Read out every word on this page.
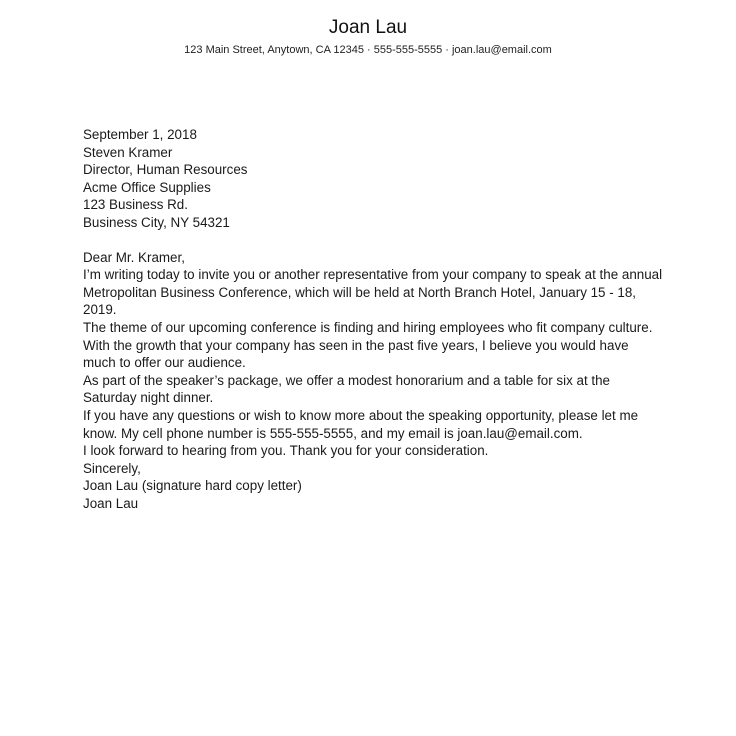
Joan Lau
123 Main Street, Anytown, CA 12345 · 555-555-5555 · joan.lau@email.com

September 1, 2018

Steven Kramer
Director, Human Resources
Acme Office Supplies
123 Business Rd.
Business City, NY 54321

Dear Mr. Kramer,

I’m writing today to invite you or another representative from your company to speak at the annual Metropolitan Business Conference, which will be held at North Branch Hotel, January 15 - 18, 2019.

The theme of our upcoming conference is finding and hiring employees who fit company culture. With the growth that your company has seen in the past five years, I believe you would have much to offer our audience.

As part of the speaker’s package, we offer a modest honorarium and a table for six at the Saturday night dinner.

If you have any questions or wish to know more about the speaking opportunity, please let me know. My cell phone number is 555-555-5555, and my email is joan.lau@email.com.

I look forward to hearing from you. Thank you for your consideration.

Sincerely,

Joan Lau (signature hard copy letter)

Joan Lau
